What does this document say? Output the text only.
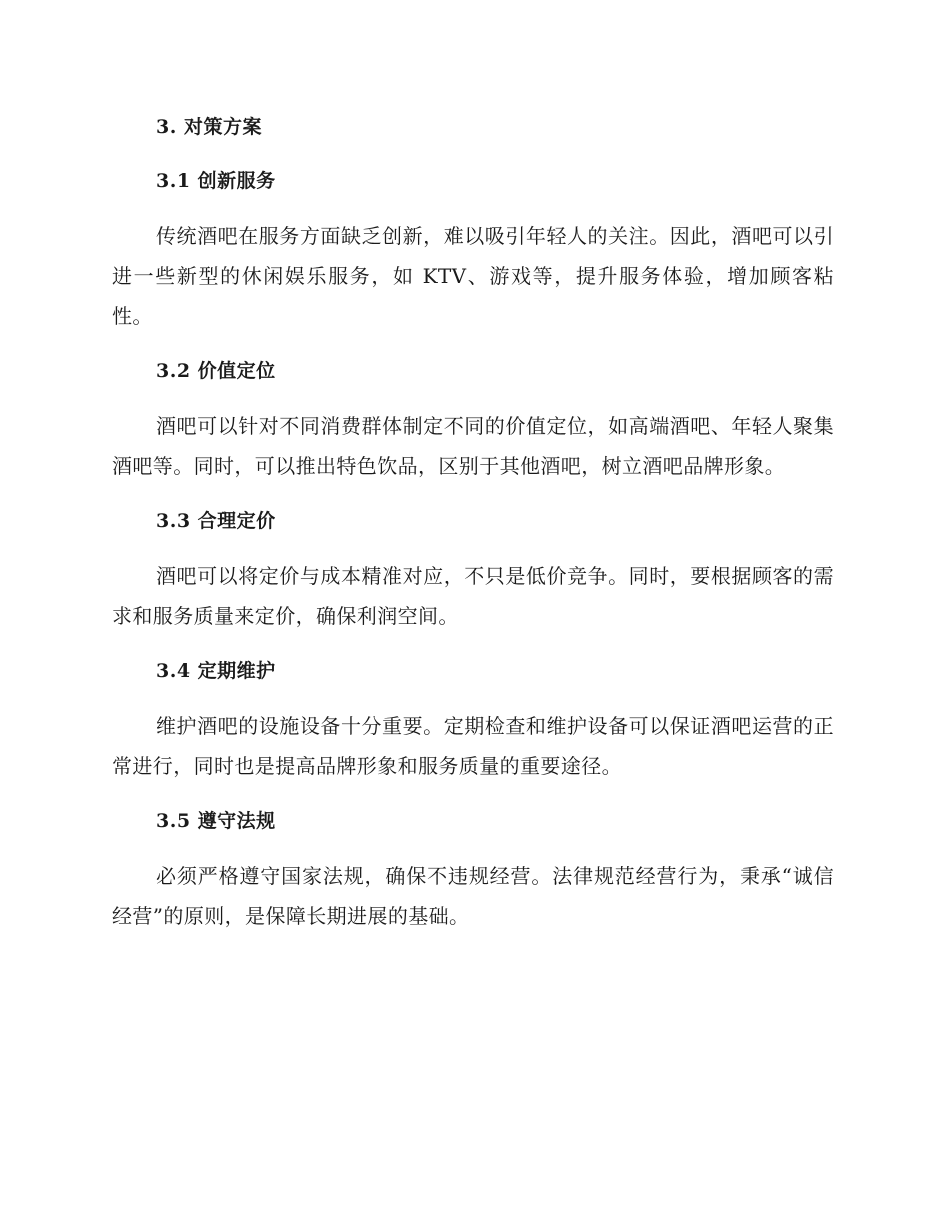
3. 对策方案
3.1 创新服务

传统酒吧在服务方面缺乏创新，难以吸引年轻人的关注。因此，酒吧可以引进一些新型的休闲娱乐服务，如 KTV、游戏等，提升服务体验，增加顾客粘性。

3.2 价值定位

酒吧可以针对不同消费群体制定不同的价值定位，如高端酒吧、年轻人聚集酒吧等。同时，可以推出特色饮品，区别于其他酒吧，树立酒吧品牌形象。

3.3 合理定价

酒吧可以将定价与成本精准对应，不只是低价竞争。同时，要根据顾客的需求和服务质量来定价，确保利润空间。

3.4 定期维护

维护酒吧的设施设备十分重要。定期检查和维护设备可以保证酒吧运营的正常进行，同时也是提高品牌形象和服务质量的重要途径。

3.5 遵守法规

必须严格遵守国家法规，确保不违规经营。法律规范经营行为，秉承“诚信经营”的原则，是保障长期进展的基础。
